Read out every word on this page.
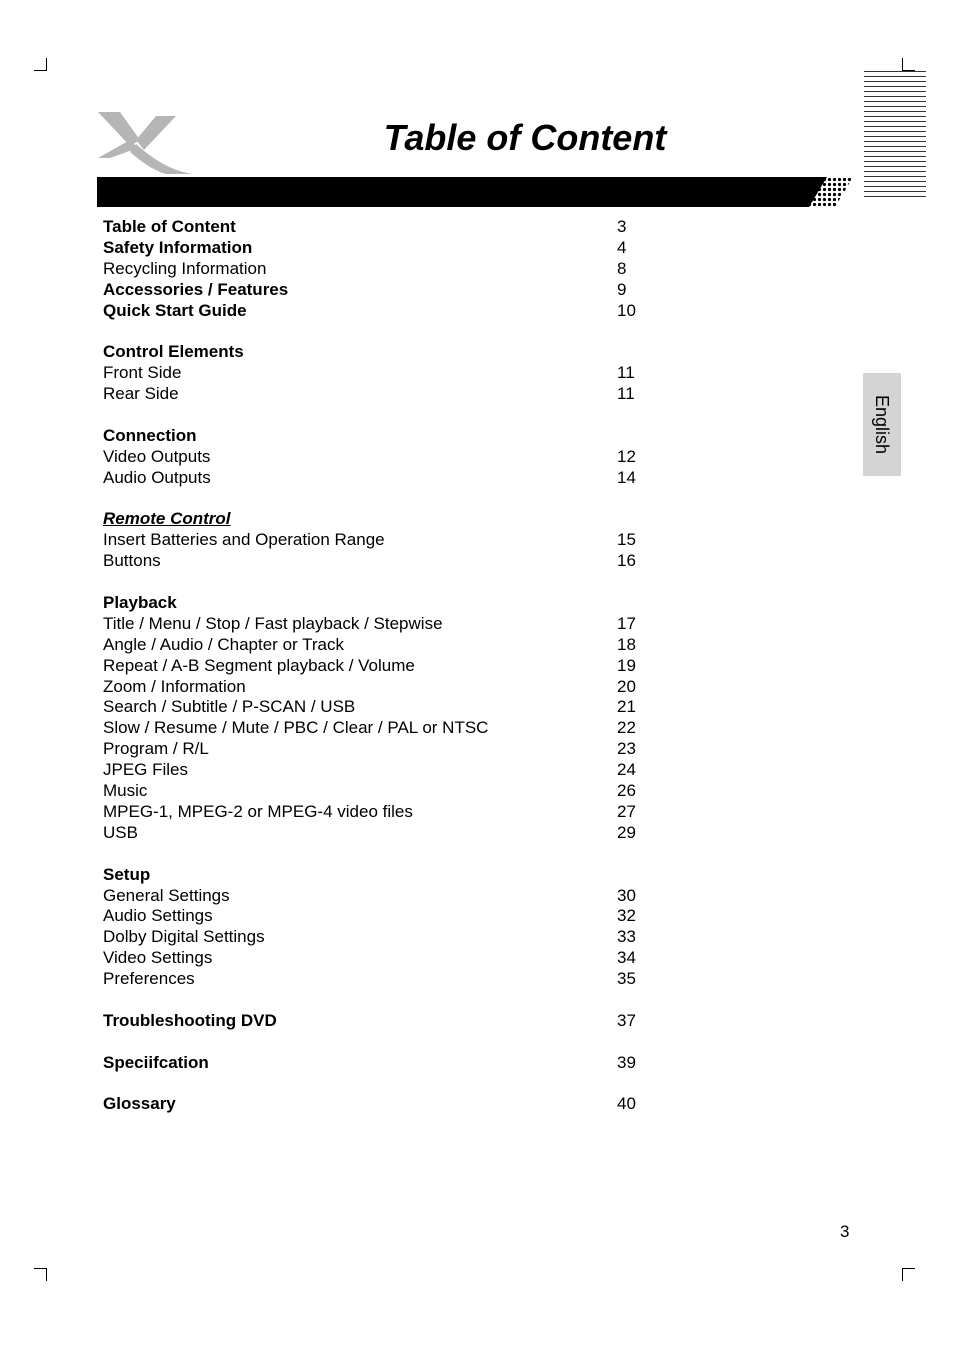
Table of Content
English
Table of Content	3
Safety Information	4
Recycling Information	8
Accessories / Features	9
Quick Start Guide	10
Control Elements
Front Side	11
Rear Side	11
Connection
Video Outputs	12
Audio Outputs	14
Remote Control
Insert Batteries and Operation Range	15
Buttons	16
Playback
Title / Menu / Stop / Fast playback / Stepwise	17
Angle / Audio / Chapter or Track	18
Repeat / A-B Segment playback / Volume	19
Zoom / Information	20
Search / Subtitle / P-SCAN / USB	21
Slow / Resume / Mute / PBC / Clear / PAL or NTSC	22
Program / R/L	23
JPEG Files	24
Music	26
MPEG-1, MPEG-2 or MPEG-4 video files	27
USB	29
Setup
General Settings	30
Audio Settings	32
Dolby Digital Settings	33
Video Settings	34
Preferences	35
Troubleshooting DVD	37
Speciifcation	39
Glossary	40
3
